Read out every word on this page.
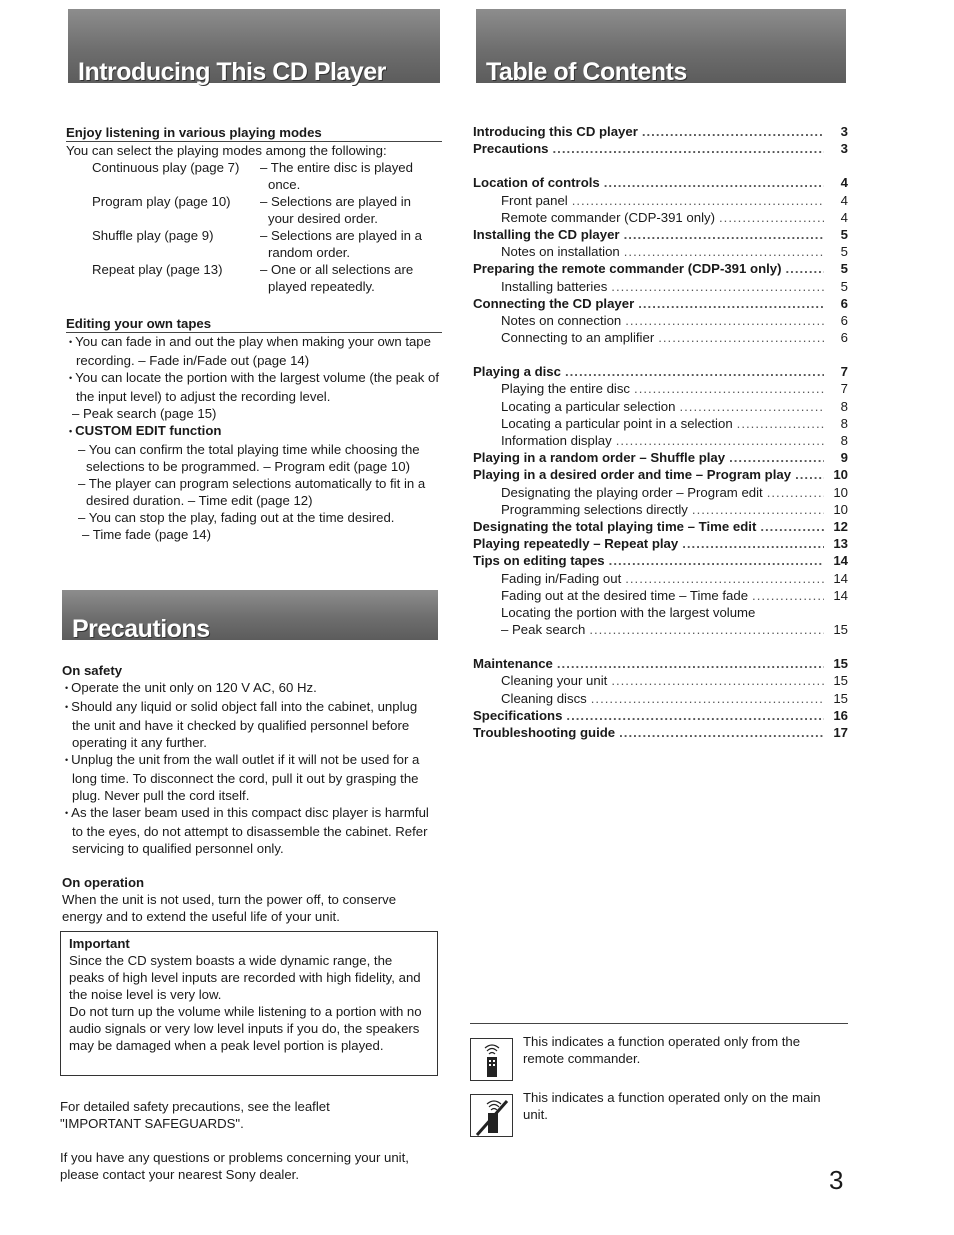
Introducing This CD Player	Table of Contents
Precautions
Enjoy listening in various playing modes

You can select the playing modes among the following:

Continuous play (page 7)	– The entire disc is played once.
Program play (page 10)	– Selections are played in your desired order.
Shuffle play (page 9)	– Selections are played in a random order.
Repeat play (page 13)	– One or all selections are played repeatedly.
Editing your own tapes
• You can fade in and out the play when making your own tape recording. – Fade in/Fade out (page 14)
• You can locate the portion with the largest volume (the peak of the input level) to adjust the recording level.
– Peak search (page 15)
• CUSTOM EDIT function
– You can confirm the total playing time while choosing the selections to be programmed. – Program edit (page 10)
– The player can program selections automatically to fit in a desired duration. – Time edit (page 12)
– You can stop the play, fading out at the time desired.
– Time fade (page 14)
On safety
• Operate the unit only on 120 V AC, 60 Hz.
• Should any liquid or solid object fall into the cabinet, unplug the unit and have it checked by qualified personnel before operating it any further.
• Unplug the unit from the wall outlet if it will not be used for a long time. To disconnect the cord, pull it out by grasping the plug. Never pull the cord itself.
• As the laser beam used in this compact disc player is harmful to the eyes, do not attempt to disassemble the cabinet. Refer servicing to qualified personnel only.
On operation

When the unit is not used, turn the power off, to conserve energy and to extend the useful life of your unit.

Important

Since the CD system boasts a wide dynamic range, the peaks of high level inputs are recorded with high fidelity, and the noise level is very low.

Do not turn up the volume while listening to a portion with no audio signals or very low level inputs if you do, the speakers may be damaged when a peak level portion is played.

For detailed safety precautions, see the leaflet "IMPORTANT SAFEGUARDS".

If you have any questions or problems concerning your unit, please contact your nearest Sony dealer.

Introducing this CD player .....	3
Precautions .....	3
Location of controls .....	4
Front panel .....	4
Remote commander (CDP-391 only) .....	4
Installing the CD player .....	5
Notes on installation .....	5
Preparing the remote commander (CDP-391 only) .....	5
Installing batteries .....	5
Connecting the CD player .....	6
Notes on connection .....	6
Connecting to an amplifier .....	6
Playing a disc .....	7
Playing the entire disc .....	7
Locating a particular selection .....	8
Locating a particular point in a selection .....	8
Information display .....	8
Playing in a random order – Shuffle play .....	9
Playing in a desired order and time – Program play .....	10
Designating the playing order – Program edit .....	10
Programming selections directly .....	10
Designating the total playing time – Time edit .....	12
Playing repeatedly – Repeat play .....	13
Tips on editing tapes .....	14
Fading in/Fading out .....	14
Fading out at the desired time – Time fade .....	14
Locating the portion with the largest volume
– Peak search .....	15
Maintenance .....	15
Cleaning your unit .....	15
Cleaning discs .....	15
Specifications .....	16
Troubleshooting guide .....	17

This indicates a function operated only from the remote commander.

This indicates a function operated only on the main unit.

3
